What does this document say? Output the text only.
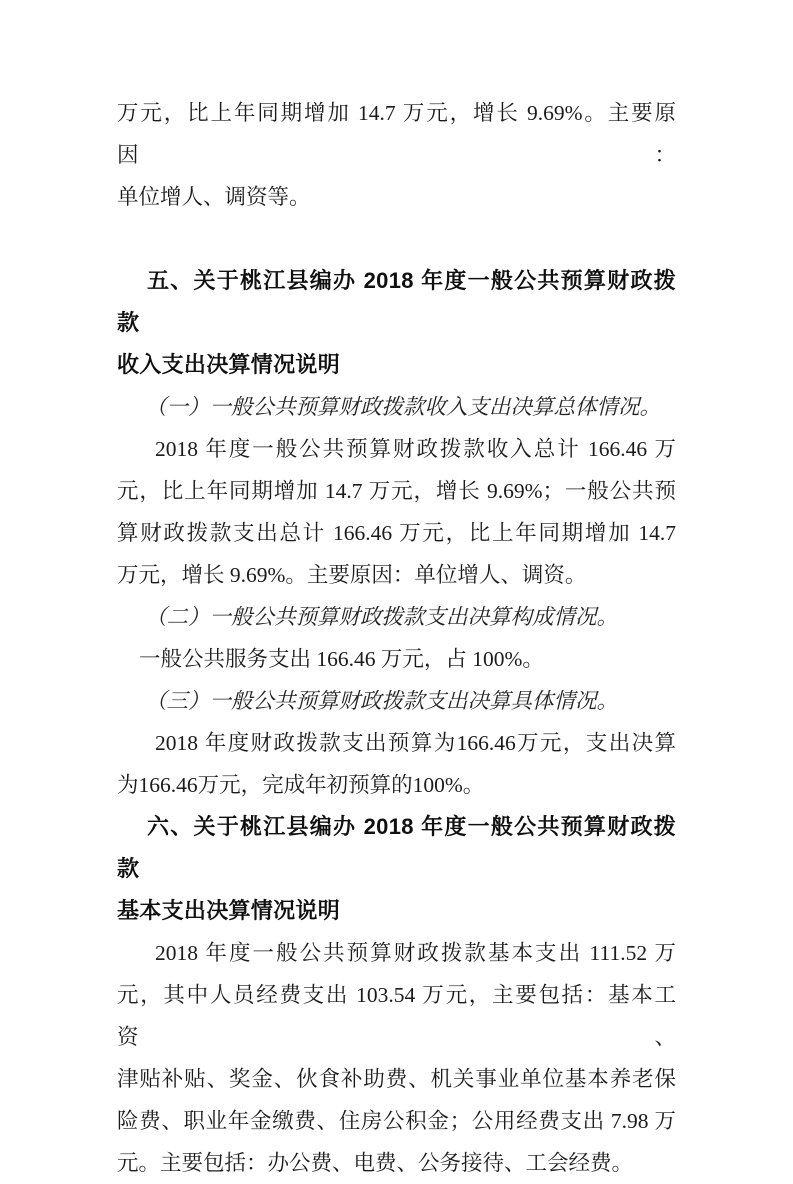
万元，比上年同期增加 14.7 万元，增长 9.69%。主要原因：
单位增人、调资等。
五、关于桃江县编办 2018 年度一般公共预算财政拨款
收入支出决算情况说明
（一）一般公共预算财政拨款收入支出决算总体情况。
2018 年度一般公共预算财政拨款收入总计 166.46 万
元，比上年同期增加 14.7 万元，增长 9.69%；一般公共预
算财政拨款支出总计 166.46 万元，比上年同期增加 14.7
万元，增长 9.69%。主要原因：单位增人、调资。
（二）一般公共预算财政拨款支出决算构成情况。
一般公共服务支出 166.46 万元，占 100%。
（三）一般公共预算财政拨款支出决算具体情况。
2018 年度财政拨款支出预算为166.46万元，支出决算
为166.46万元，完成年初预算的100%。
六、关于桃江县编办 2018 年度一般公共预算财政拨款
基本支出决算情况说明
2018 年度一般公共预算财政拨款基本支出 111.52 万
元，其中人员经费支出 103.54 万元，主要包括：基本工资、
津贴补贴、奖金、伙食补助费、机关事业单位基本养老保
险费、职业年金缴费、住房公积金；公用经费支出 7.98 万
元。主要包括：办公费、电费、公务接待、工会经费。
